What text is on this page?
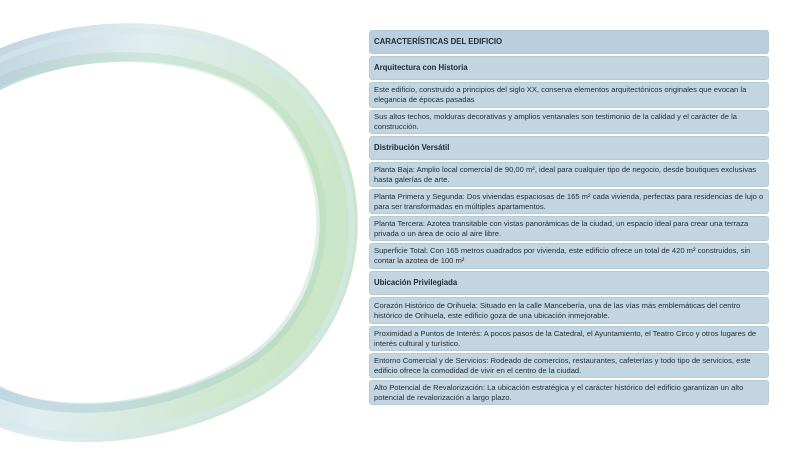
CARACTERÍSTICAS DEL EDIFICIO
Arquitectura con Historia
Este edificio, construido a principios del siglo XX, conserva elementos arquitectónicos originales que evocan la elegancia de épocas pasadas
Sus altos techos, molduras decorativas y amplios ventanales son testimonio de la calidad y el carácter de la construcción.
Distribución Versátil
Planta Baja: Amplio local comercial de 90,00 m², ideal para cualquier tipo de negocio, desde boutiques exclusivas hasta galerías de arte.
Planta Primera y Segunda: Dos viviendas espaciosas de 165 m² cada vivienda, perfectas para residencias de lujo o para ser transformadas en múltiples apartamentos.
Planta Tercera: Azotea transitable con vistas panorámicas de la ciudad, un espacio ideal para crear una terraza privada o un área de ocio al aire libre.
Superficie Total: Con 165 metros cuadrados por vivienda, este edificio ofrece un total de 420 m² construidos, sin contar la azotea de 100 m²
Ubicación Privilegiada
Corazón Histórico de Orihuela: Situado en la calle Mancebería, una de las vías más emblemáticas del centro histórico de Orihuela, este edificio goza de una ubicación inmejorable.
Proximidad a Puntos de Interés: A pocos pasos de la Catedral, el Ayuntamiento, el Teatro Circo y otros lugares de interés cultural y turístico.
Entorno Comercial y de Servicios: Rodeado de comercios, restaurantes, cafeterías y todo tipo de servicios, este edificio ofrece la comodidad de vivir en el centro de la ciudad.
Alto Potencial de Revalorización: La ubicación estratégica y el carácter histórico del edificio garantizan un alto potencial de revalorización a largo plazo.
